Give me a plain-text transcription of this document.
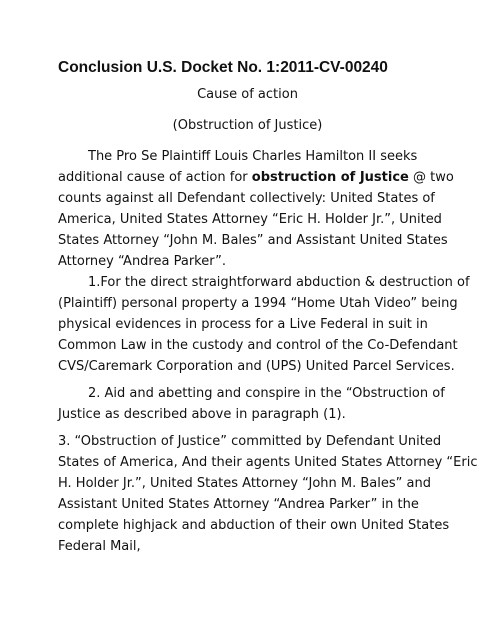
Conclusion U.S. Docket No. 1:2011-CV-00240

Cause of action

(Obstruction of Justice)

The Pro Se Plaintiff Louis Charles Hamilton II seeks
additional cause of action for obstruction of Justice @ two
counts against all Defendant collectively: United States of
America, United States Attorney “Eric H. Holder Jr.”, United
States Attorney “John M. Bales” and Assistant United States
Attorney “Andrea Parker”.
1.For the direct straightforward abduction & destruction of
(Plaintiff) personal property a 1994 “Home Utah Video” being
physical evidences in process for a Live Federal in suit in
Common Law in the custody and control of the Co-Defendant
CVS/Caremark Corporation and (UPS) United Parcel Services.
2. Aid and abetting and conspire in the “Obstruction of
Justice as described above in paragraph (1).
3. “Obstruction of Justice” committed by Defendant United
States of America, And their agents United States Attorney “Eric
H. Holder Jr.”, United States Attorney “John M. Bales” and
Assistant United States Attorney “Andrea Parker” in the
complete highjack and abduction of their own United States
Federal Mail,
